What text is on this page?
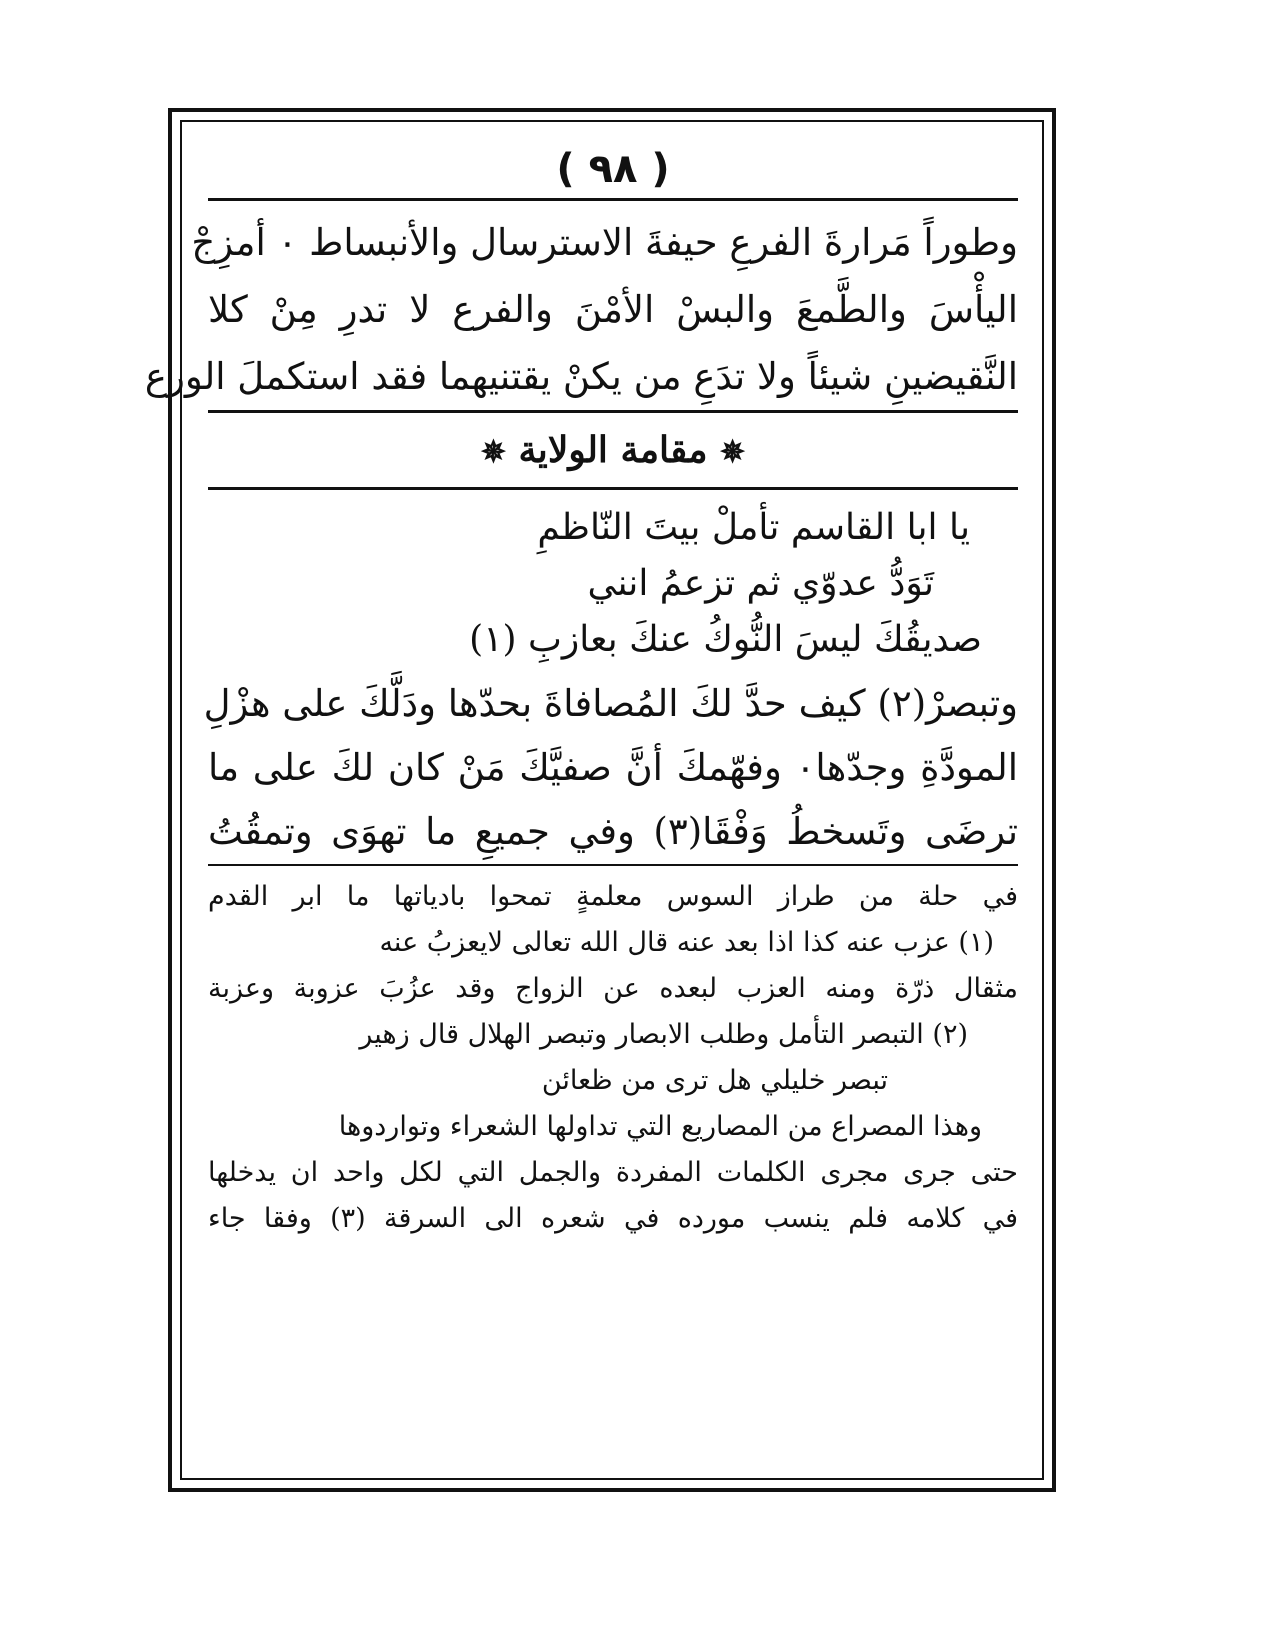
( ٩٨ )
وطوراً مَرارةَ الفرعِ حيفةَ الاسترسال والأنبساط ٠ أمزِجْ
اليأْسَ والطَّمعَ والبسْ الأمْنَ والفرع لا تدرِ مِنْ كلا
النَّقيضينِ شيئاً ولا تدَعِ من يكنْ يقتنيهما فقد استكملَ الورع
✵ مقامة الولاية ✵
يا ابا القاسم تأملْ بيتَ النّاظمِ
تَوَدُّ عدوّي ثم تزعمُ انني
صديقُكَ ليسَ النُّوكُ عنكَ بعازبِ (١)
وتبصرْ(٢) كيف حدَّ لكَ المُصافاةَ بحدّها ودَلَّكَ على هزْلِ
المودَّةِ وجدّها٠ وفهّمكَ أنَّ صفيَّكَ مَنْ كان لكَ على ما
ترضَى وتَسخطُ وَفْقَا(٣) وفي جميعِ ما تهوَى وتمقُتُ
في حلة من طراز السوس معلمةٍ تمحوا بادياتها ما ابر القدم
(١) عزب عنه كذا اذا بعد عنه قال الله تعالى لايعزبُ عنه
مثقال ذرّة ومنه العزب لبعده عن الزواج وقد عزُبَ عزوبة وعزبة
(٢) التبصر التأمل وطلب الابصار وتبصر الهلال قال زهير
تبصر خليلي هل ترى من ظعائن
وهذا المصراع من المصاريع التي تداولها الشعراء وتواردوها
حتى جرى مجرى الكلمات المفردة والجمل التي لكل واحد ان يدخلها
في كلامه فلم ينسب مورده في شعره الى السرقة (٣) وفقا جاء
